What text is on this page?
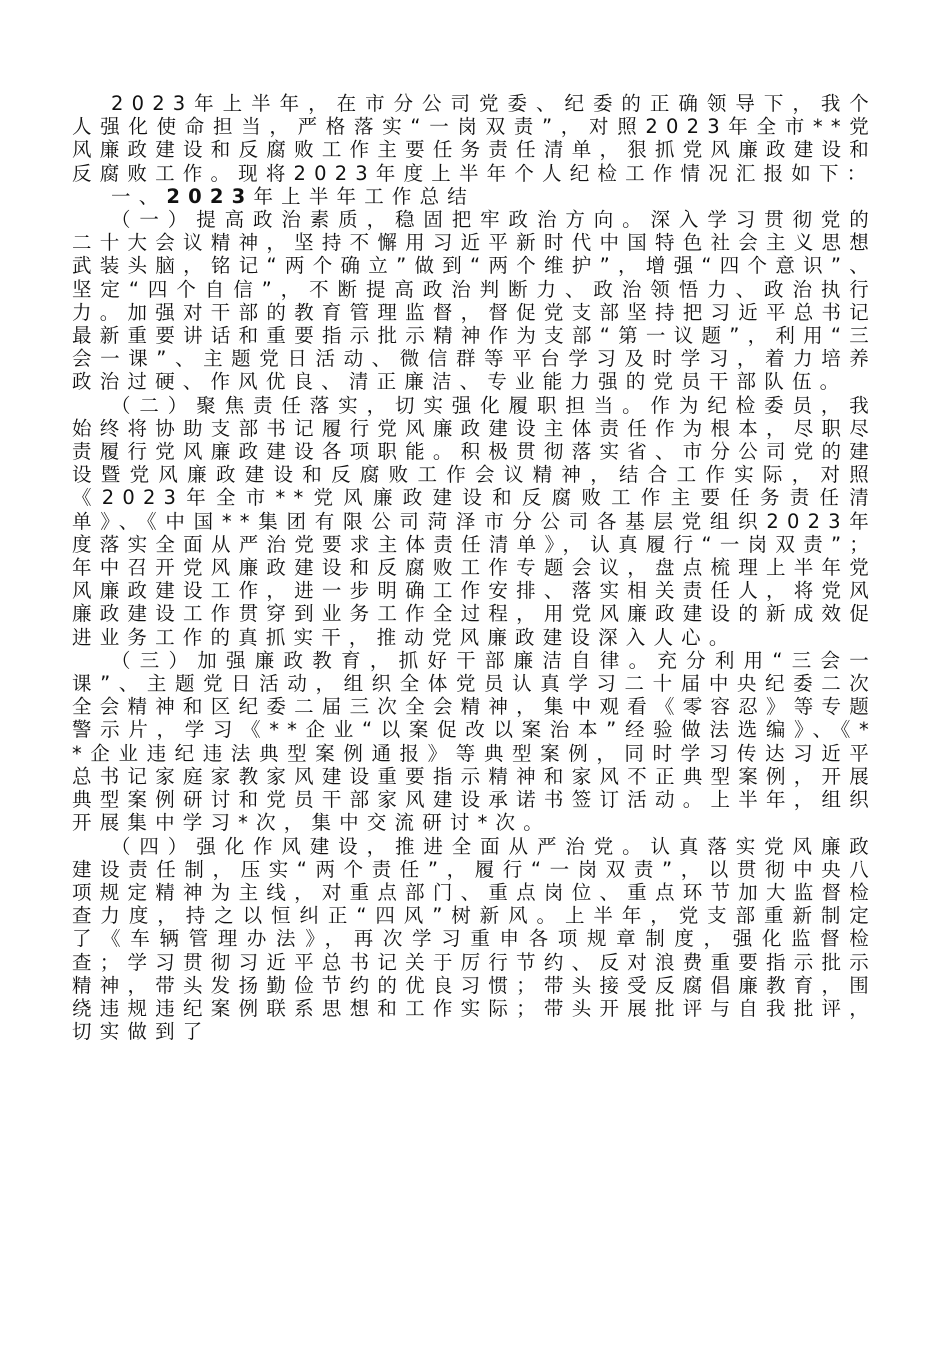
2023年上半年，在市分公司党委、纪委的正确领导下，我个人强化使命担当，严格落实“一岗双责”，对照2023年全市**党风廉政建设和反腐败工作主要任务责任清单，狠抓党风廉政建设和反腐败工作。现将2023年度上半年个人纪检工作情况汇报如下：

一、2023年上半年工作总结

（一）提高政治素质，稳固把牢政治方向。深入学习贯彻党的二十大会议精神，坚持不懈用习近平新时代中国特色社会主义思想武装头脑，铭记“两个确立”做到“两个维护”，增强“四个意识”、坚定“四个自信”，不断提高政治判断力、政治领悟力、政治执行力。加强对干部的教育管理监督，督促党支部坚持把习近平总书记最新重要讲话和重要指示批示精神作为支部“第一议题”，利用“三会一课”、主题党日活动、微信群等平台学习及时学习，着力培养政治过硬、作风优良、清正廉洁、专业能力强的党员干部队伍。

（二）聚焦责任落实，切实强化履职担当。作为纪检委员，我始终将协助支部书记履行党风廉政建设主体责任作为根本，尽职尽责履行党风廉政建设各项职能。积极贯彻落实省、市分公司党的建设暨党风廉政建设和反腐败工作会议精神，结合工作实际，对照《2023年全市**党风廉政建设和反腐败工作主要任务责任清单》、《中国**集团有限公司菏泽市分公司各基层党组织2023年度落实全面从严治党要求主体责任清单》，认真履行“一岗双责”；年中召开党风廉政建设和反腐败工作专题会议，盘点梳理上半年党风廉政建设工作，进一步明确工作安排、落实相关责任人，将党风廉政建设工作贯穿到业务工作全过程，用党风廉政建设的新成效促进业务工作的真抓实干，推动党风廉政建设深入人心。

（三）加强廉政教育，抓好干部廉洁自律。充分利用“三会一课”、主题党日活动，组织全体党员认真学习二十届中央纪委二次全会精神和区纪委二届三次全会精神，集中观看《零容忍》等专题警示片，学习《**企业“以案促改以案治本”经验做法选编》、《**企业违纪违法典型案例通报》等典型案例，同时学习传达习近平总书记家庭家教家风建设重要指示精神和家风不正典型案例，开展典型案例研讨和党员干部家风建设承诺书签订活动。上半年，组织开展集中学习*次，集中交流研讨*次。

（四）强化作风建设，推进全面从严治党。认真落实党风廉政建设责任制，压实“两个责任”，履行“一岗双责”，以贯彻中央八项规定精神为主线，对重点部门、重点岗位、重点环节加大监督检查力度，持之以恒纠正“四风”树新风。上半年，党支部重新制定了《车辆管理办法》，再次学习重申各项规章制度，强化监督检查；学习贯彻习近平总书记关于厉行节约、反对浪费重要指示批示精神，带头发扬勤俭节约的优良习惯；带头接受反腐倡廉教育，围绕违规违纪案例联系思想和工作实际；带头开展批评与自我批评，切实做到了
